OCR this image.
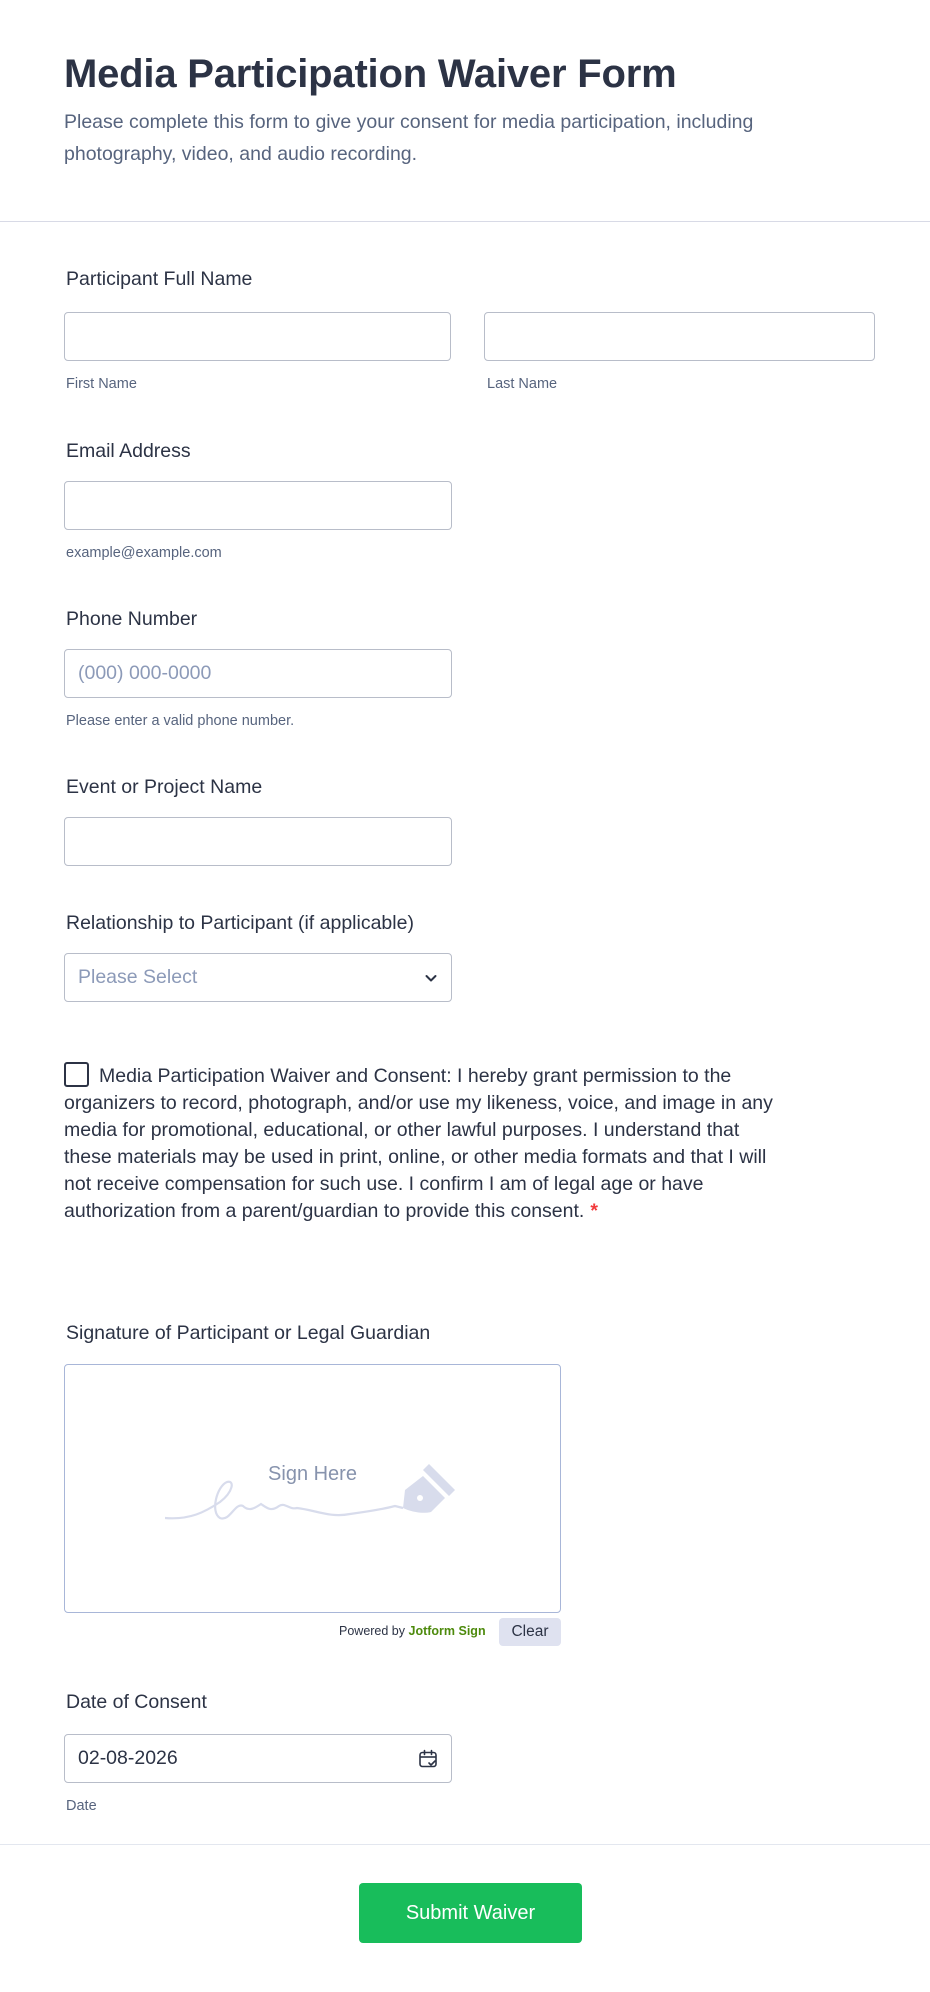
Media Participation Waiver Form

Please complete this form to give your consent for media participation, including photography, video, and audio recording.

Participant Full Name
First Name	Last Name
Email Address
example@example.com
Phone Number
(000) 000-0000
Please enter a valid phone number.
Event or Project Name
Relationship to Participant (if applicable)
Please Select
Media Participation Waiver and Consent: I hereby grant permission to the organizers to record, photograph, and/or use my likeness, voice, and image in any media for promotional, educational, or other lawful purposes. I understand that these materials may be used in print, online, or other media formats and that I will not receive compensation for such use. I confirm I am of legal age or have authorization from a parent/guardian to provide this consent. *
Signature of Participant or Legal Guardian
Sign Here
Powered by Jotform Sign	Clear
Date of Consent
02-08-2026
Date
Submit Waiver
